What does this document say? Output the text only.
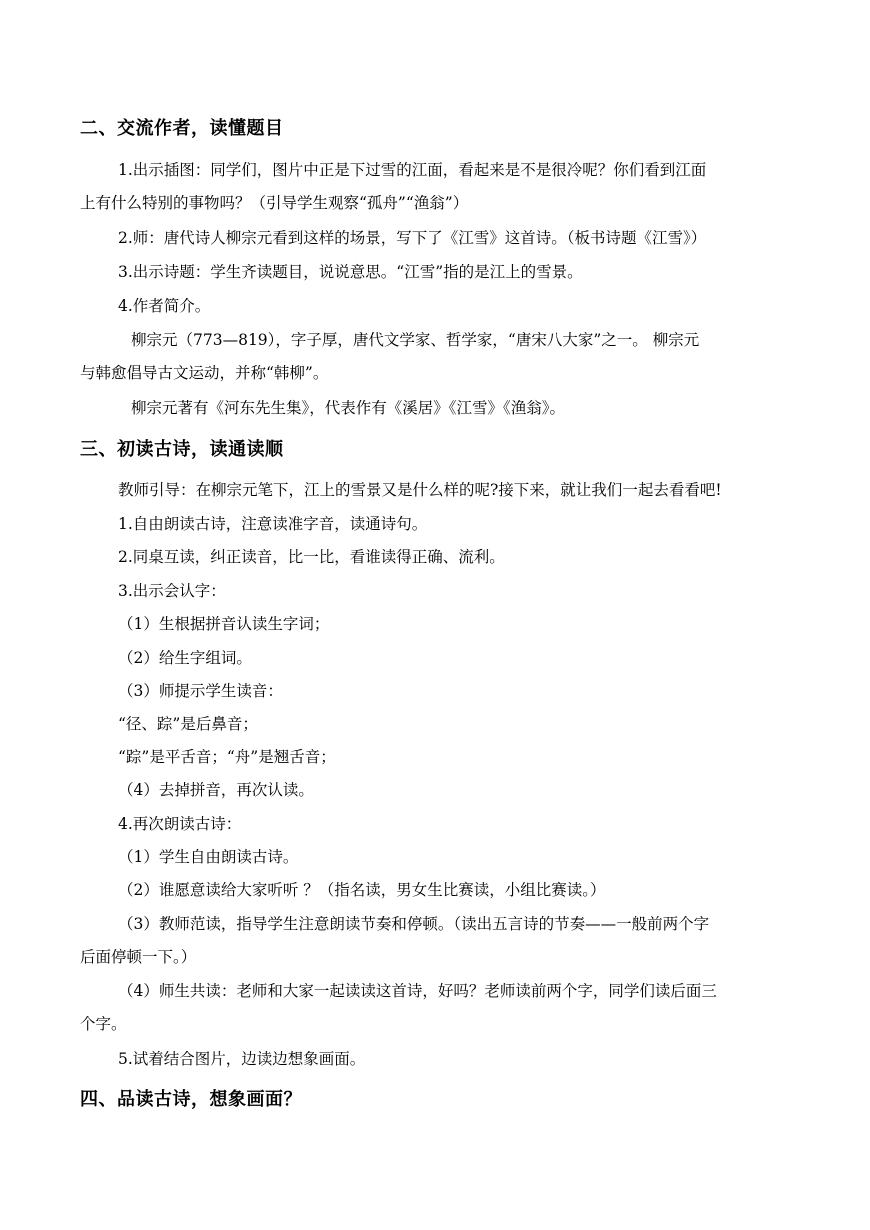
二、交流作者，读懂题目
1.出示插图：同学们，图片中正是下过雪的江面，看起来是不是很冷呢？你们看到江面
上有什么特别的事物吗？（引导学生观察“孤舟”“渔翁”）
2.师：唐代诗人柳宗元看到这样的场景，写下了《江雪》这首诗。（板书诗题《江雪》）
3.出示诗题：学生齐读题目，说说意思。“江雪”指的是江上的雪景。
4.作者简介。
柳宗元（773—819），字子厚，唐代文学家、哲学家，“唐宋八大家”之一。 柳宗元
与韩愈倡导古文运动，并称“韩柳”。
柳宗元著有《河东先生集》，代表作有《溪居》《江雪》《渔翁》。
三、初读古诗，读通读顺
教师引导：在柳宗元笔下，江上的雪景又是什么样的呢?接下来，就让我们一起去看看吧!
1.自由朗读古诗，注意读准字音，读通诗句。
2.同桌互读，纠正读音，比一比，看谁读得正确、流利。
3.出示会认字：
（1）生根据拼音认读生字词；
（2）给生字组词。
（3）师提示学生读音：
“径、踪”是后鼻音；
“踪”是平舌音；“舟”是翘舌音；
（4）去掉拼音，再次认读。
4.再次朗读古诗：
（1）学生自由朗读古诗。
（2）谁愿意读给大家听听 ？（指名读，男女生比赛读，小组比赛读。）
（3）教师范读，指导学生注意朗读节奏和停顿。（读出五言诗的节奏——一般前两个字
后面停顿一下。）
（4）师生共读：老师和大家一起读读这首诗，好吗？老师读前两个字，同学们读后面三
个字。
5.试着结合图片，边读边想象画面。
四、品读古诗，想象画面？
